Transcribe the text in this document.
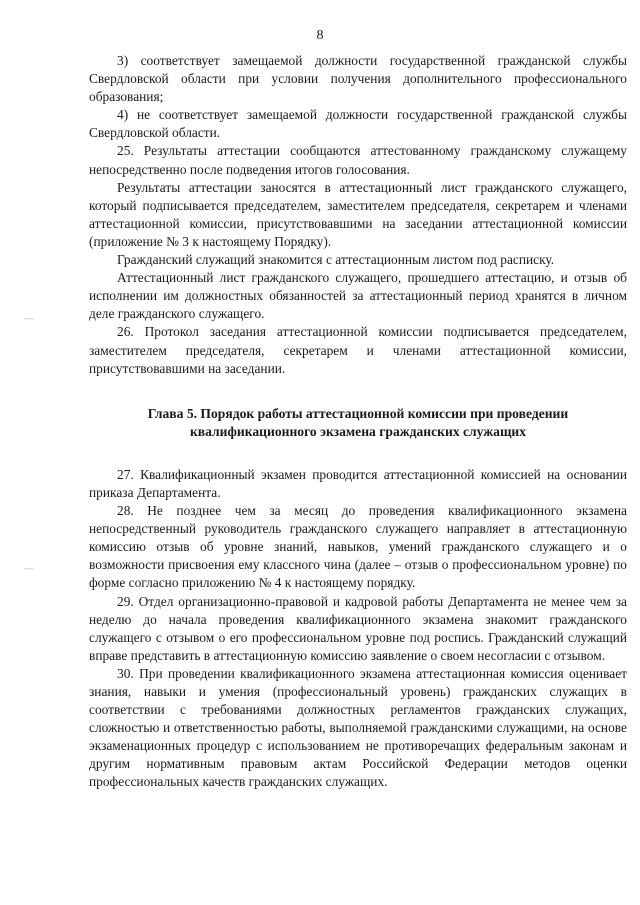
8
~~
~~

3) соответствует замещаемой должности государственной гражданской службы Свердловской области при условии получения дополнительного профессионального образования;

4) не соответствует замещаемой должности государственной гражданской службы Свердловской области.

25. Результаты аттестации сообщаются аттестованному гражданскому служащему непосредственно после подведения итогов голосования.

Результаты аттестации заносятся в аттестационный лист гражданского служащего, который подписывается председателем, заместителем председателя, секретарем и членами аттестационной комиссии, присутствовавшими на заседании аттестационной комиссии (приложение № 3 к настоящему Порядку).

Гражданский служащий знакомится с аттестационным листом под расписку.

Аттестационный лист гражданского служащего, прошедшего аттестацию, и отзыв об исполнении им должностных обязанностей за аттестационный период хранятся в личном деле гражданского служащего.

26. Протокол заседания аттестационной комиссии подписывается председателем, заместителем председателя, секретарем и членами аттестационной комиссии, присутствовавшими на заседании.

Глава 5. Порядок работы аттестационной комиссии при проведении
квалификационного экзамена гражданских служащих

27. Квалификационный экзамен проводится аттестационной комиссией на основании приказа Департамента.

28. Не позднее чем за месяц до проведения квалификационного экзамена непосредственный руководитель гражданского служащего направляет в аттестационную комиссию отзыв об уровне знаний, навыков, умений гражданского служащего и о возможности присвоения ему классного чина (далее – отзыв о профессиональном уровне) по форме согласно приложению № 4 к настоящему порядку.

29. Отдел организационно-правовой и кадровой работы Департамента не менее чем за неделю до начала проведения квалификационного экзамена знакомит гражданского служащего с отзывом о его профессиональном уровне под роспись. Гражданский служащий вправе представить в аттестационную комиссию заявление о своем несогласии с отзывом.

30. При проведении квалификационного экзамена аттестационная комиссия оценивает знания, навыки и умения (профессиональный уровень) гражданских служащих в соответствии с требованиями должностных регламентов гражданских служащих, сложностью и ответственностью работы, выполняемой гражданскими служащими, на основе экзаменационных процедур с использованием не противоречащих федеральным законам и другим нормативным правовым актам Российской Федерации методов оценки профессиональных качеств гражданских служащих.
